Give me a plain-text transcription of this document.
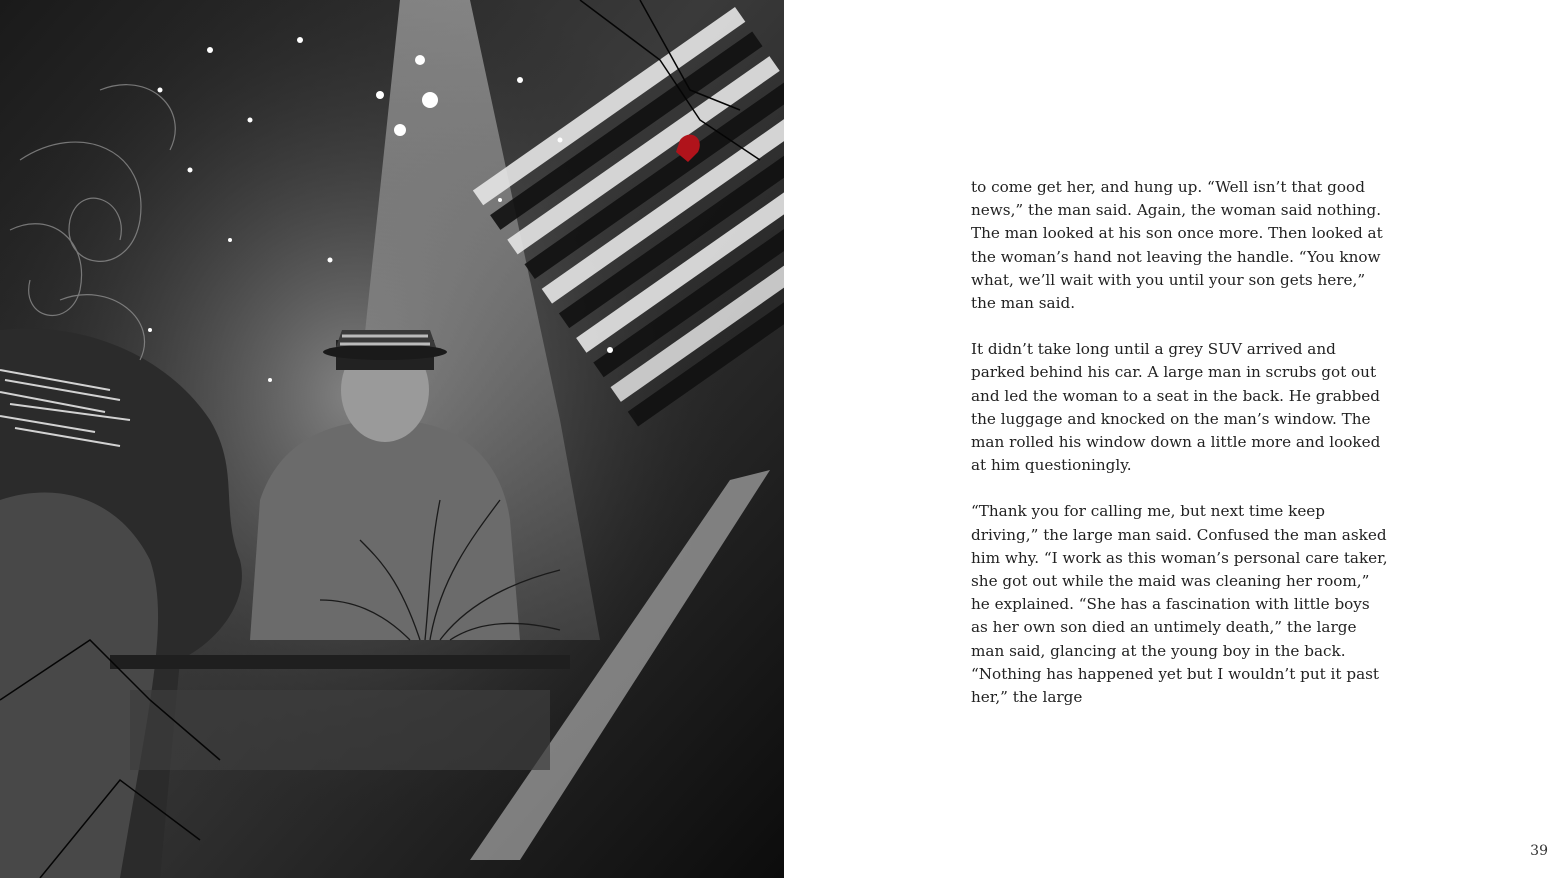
to come get her, and hung up. “Well isn’t that good news,” the man said. Again, the woman said nothing. The man looked at his son once more. Then looked at the woman’s hand not leaving the handle. “You know what, we’ll wait with you until your son gets here,” the man said.

It didn’t take long until a grey SUV arrived and parked behind his car. A large man in scrubs got out and led the woman to a seat in the back. He grabbed the luggage and knocked on the man’s window. The man rolled his window down a little more and looked at him questioningly.

“Thank you for calling me, but next time keep driving,” the large man said. Confused the man asked him why. “I work as this woman’s personal care taker, she got out while the maid was cleaning her room,” he explained. “She has a fascination with little boys as her own son died an untimely death,” the large man said, glancing at the young boy in the back. “Nothing has happened yet but I wouldn’t put it past her,” the large

39
